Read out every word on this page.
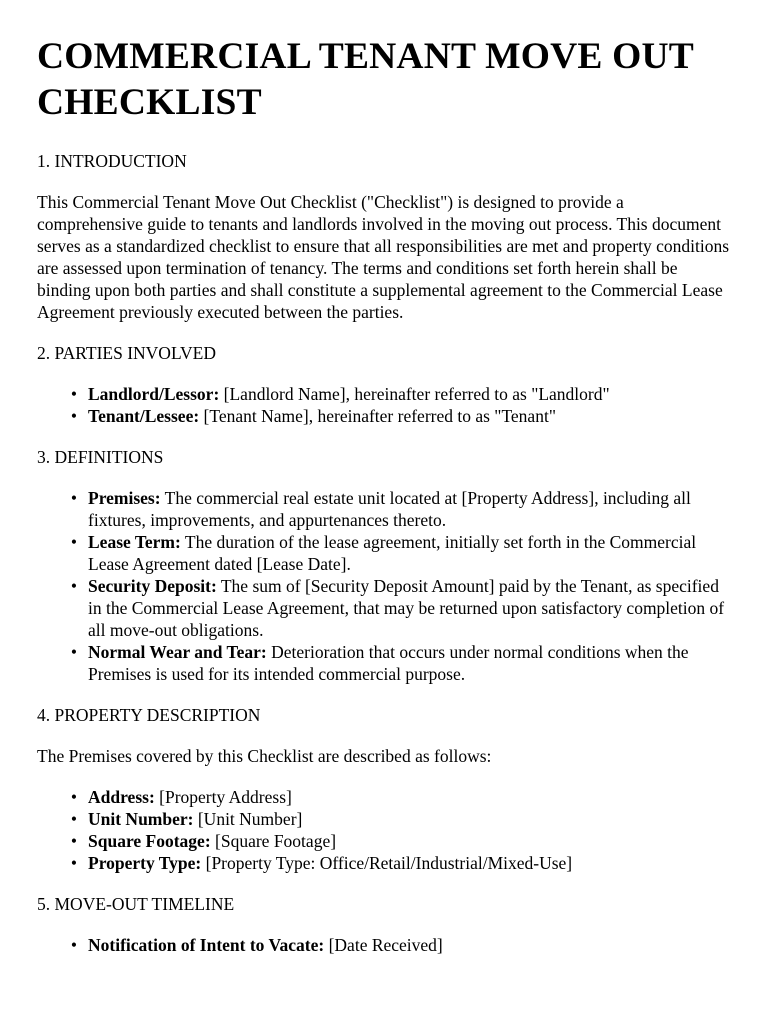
COMMERCIAL TENANT MOVE OUT CHECKLIST
1. INTRODUCTION

This Commercial Tenant Move Out Checklist ("Checklist") is designed to provide a comprehensive guide to tenants and landlords involved in the moving out process. This document serves as a standardized checklist to ensure that all responsibilities are met and property conditions are assessed upon termination of tenancy. The terms and conditions set forth herein shall be binding upon both parties and shall constitute a supplemental agreement to the Commercial Lease Agreement previously executed between the parties.

2. PARTIES INVOLVED
• Landlord/Lessor: [Landlord Name], hereinafter referred to as "Landlord"
• Tenant/Lessee: [Tenant Name], hereinafter referred to as "Tenant"
3. DEFINITIONS
• Premises: The commercial real estate unit located at [Property Address], including all fixtures, improvements, and appurtenances thereto.
• Lease Term: The duration of the lease agreement, initially set forth in the Commercial Lease Agreement dated [Lease Date].
• Security Deposit: The sum of [Security Deposit Amount] paid by the Tenant, as specified in the Commercial Lease Agreement, that may be returned upon satisfactory completion of all move-out obligations.
• Normal Wear and Tear: Deterioration that occurs under normal conditions when the Premises is used for its intended commercial purpose.
4. PROPERTY DESCRIPTION

The Premises covered by this Checklist are described as follows:

• Address: [Property Address]
• Unit Number: [Unit Number]
• Square Footage: [Square Footage]
• Property Type: [Property Type: Office/Retail/Industrial/Mixed-Use]
5. MOVE-OUT TIMELINE
• Notification of Intent to Vacate: [Date Received]
